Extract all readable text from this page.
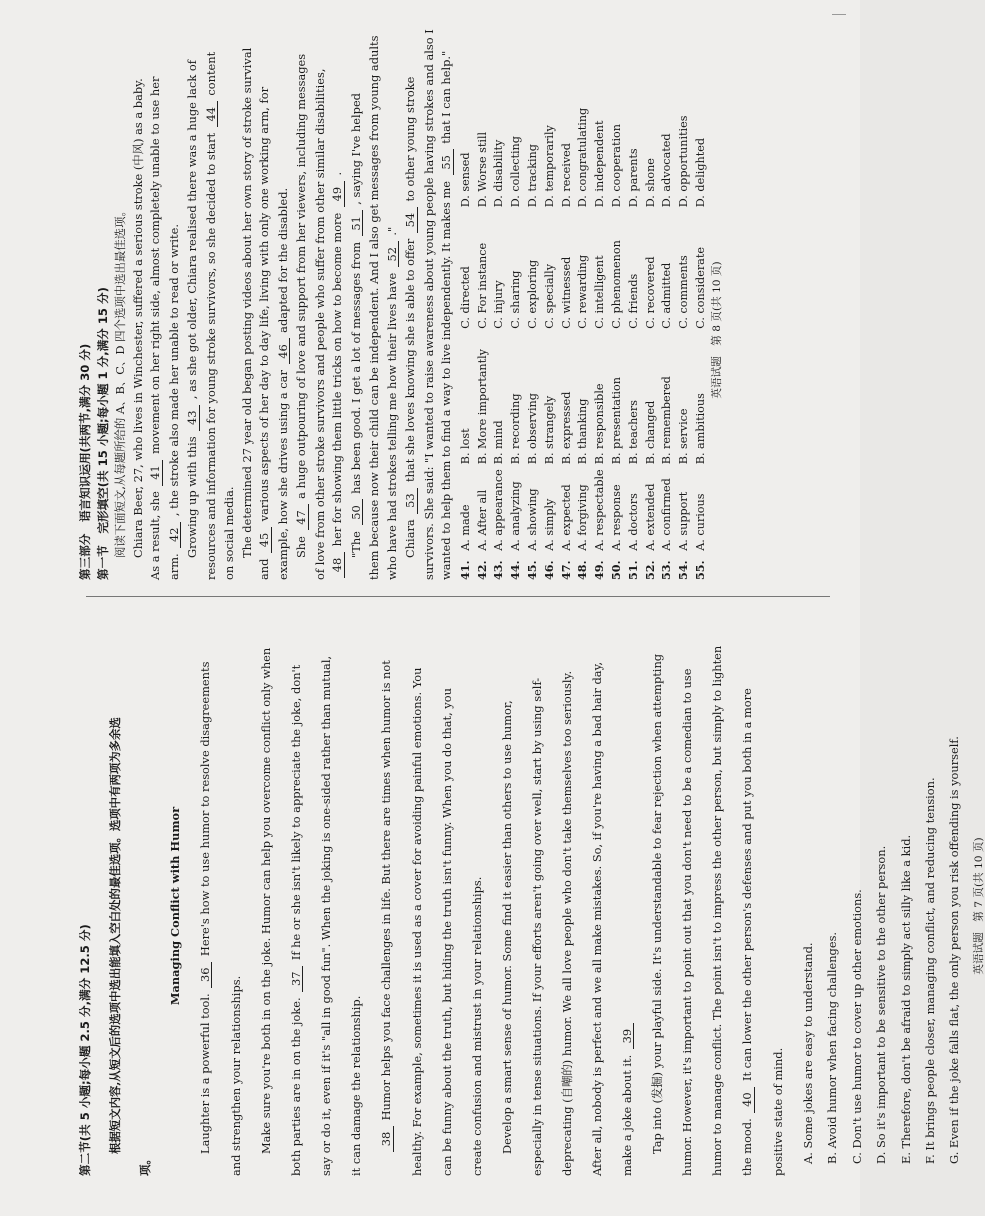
第三部分　语言知识运用(共两节,满分 30 分) 第一节　完形填空(共 15 小题;每小题 1 分,满分 15 分) 阅读下面短文,从每题所给的 A、B、C、D 四个选项中选出最佳选项。 Chiara Beer, 27, who lives in Winchester, suffered a serious stroke (中风) as a baby. As a result, she 41 movement on her right side, almost completely unable to use her
arm. 42 , the stroke also made her unable to read or write. Growing up with this 43 , as she got older, Chiara realised there was a huge lack of resources and information for young stroke survivors, so she decided to start 44 content
on social media. The determined 27 year old began posting videos about her own story of stroke survival
and 45 various aspects of her day to day life, living with only one working arm, for example, how she drives using a car 46 adapted for the disabled.
She 47 a huge outpouring of love and support from her viewers, including messages of love from other stroke survivors and people who suffer from other similar disabilities, 48 her for showing them little tricks on how to become more 49 .
"The 50 has been good. I get a lot of messages from 51 , saying I've helped them because now their child can be independent. And I also get messages from young adults who have had strokes telling me how their lives have 52 ."
Chiara 53 that she loves knowing she is able to offer 54 to other young stroke survivors. She said: "I wanted to raise awareness about young people having strokes and also I wanted to help them to find a way to live independently. It makes me 55 that I can help."
41.	A. made	B. lost	C. directed	D. sensed
42.	A. After all	B. More importantly	C. For instance	D. Worse still
43.	A. appearance	B. mind	C. injury	D. disability
44.	A. analyzing	B. recording	C. sharing	D. collecting
45.	A. showing	B. observing	C. exploring	D. tracking
46.	A. simply	B. strangely	C. specially	D. temporarily
47.	A. expected	B. expressed	C. witnessed	D. received
48.	A. forgiving	B. thanking	C. rewarding	D. congratulating
49.	A. respectable	B. responsible	C. intelligent	D. independent
50.	A. response	B. presentation	C. phenomenon	D. cooperation
51.	A. doctors	B. teachers	C. friends	D. parents
52.	A. extended	B. changed	C. recovered	D. shone
53.	A. confirmed	B. remembered	C. admitted	D. advocated
54.	A. support	B. service	C. comments	D. opportunities
55.	A. curious	B. ambitious	C. considerate	D. delighted
英语试题　第 8 页(共 10 页)
第二节(共 5 小题;每小题 2.5 分,满分 12.5 分) 根据短文内容,从短文后的选项中选出能填入空白处的最佳选项。选项中有两项为多余选
项。
Managing Conflict with Humor
Laughter is a powerful tool. 36 Here's how to use humor to resolve disagreements
and strengthen your relationships. Make sure you're both in on the joke. Humor can help you overcome conflict only when both parties are in on the joke. 37 If he or she isn't likely to appreciate the joke, don't say or do it, even if it's "all in good fun". When the joking is one-sided rather than mutual, it can damage the relationship. 38 Humor helps you face challenges in life. But there are times when humor is not healthy. For example, sometimes it is used as a cover for avoiding painful emotions. You can be funny about the truth, but hiding the truth isn't funny. When you do that, you create confusion and mistrust in your relationships. Develop a smart sense of humor. Some find it easier than others to use humor, especially in tense situations. If your efforts aren't going over well, start by using self- deprecating (自嘲的) humor. We all love people who don't take themselves too seriously. After all, nobody is perfect and we all make mistakes. So, if you're having a bad hair day, make a joke about it. 39 Tap into (发掘) your playful side. It's understandable to fear rejection when attempting humor. However, it's important to point out that you don't need to be a comedian to use humor to manage conflict. The point isn't to impress the other person, but simply to lighten the mood. 40 It can lower the other person's defenses and put you both in a more
positive state of mind. A. Some jokes are easy to understand. B. Avoid humor when facing challenges. C. Don't use humor to cover up other emotions. D. So it's important to be sensitive to the other person. E. Therefore, don't be afraid to simply act silly like a kid. F. It brings people closer, managing conflict, and reducing tension. G. Even if the joke falls flat, the only person you risk offending is yourself. 英语试题　第 7 页(共 10 页)
